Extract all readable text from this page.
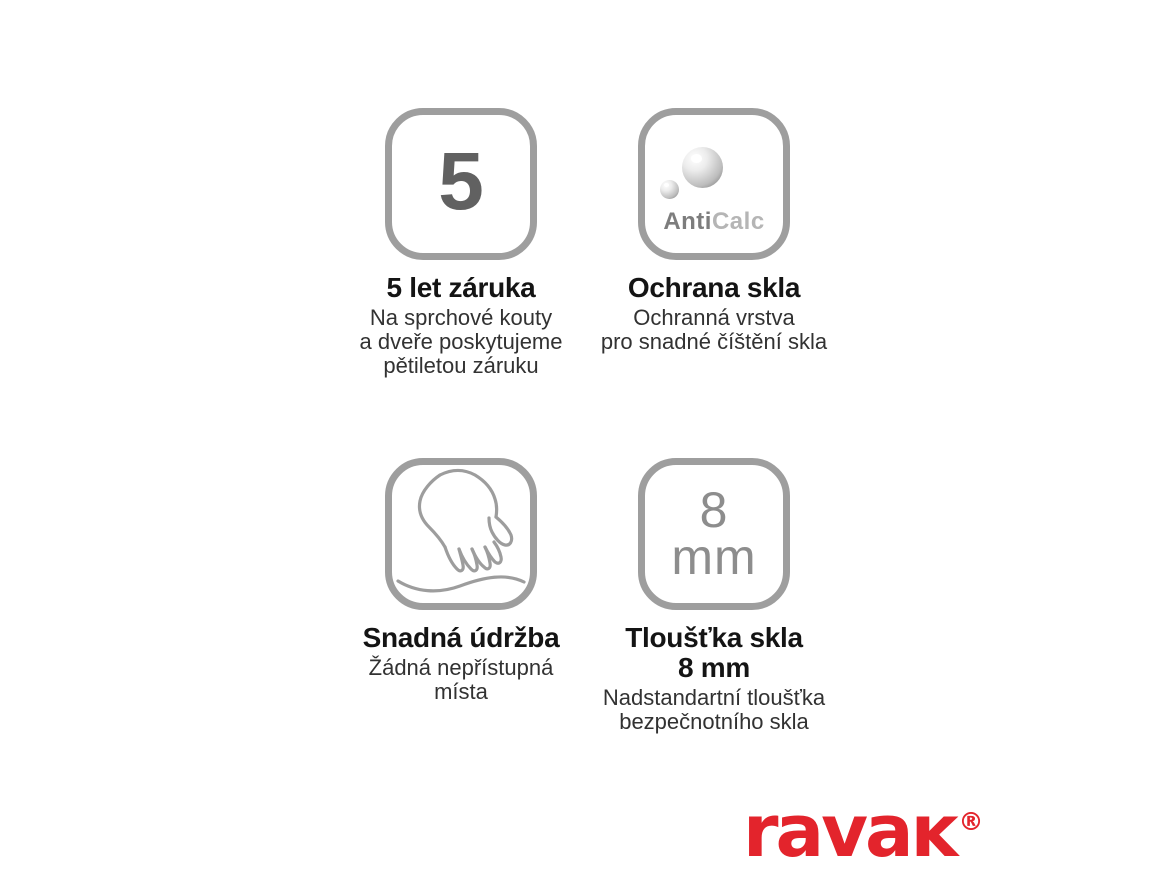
5
5 let záruka
Na sprchové kouty
a dveře poskytujeme
pětiletou záruku
AntiCalc
Ochrana skla
Ochranná vrstva
pro snadné číštění skla
Snadná údržba
Žádná nepřístupná
místa
8
mm
Tloušťka skla
8 mm
Nadstandartní tloušťka
bezpečnotního skla
ravaĸ ®
